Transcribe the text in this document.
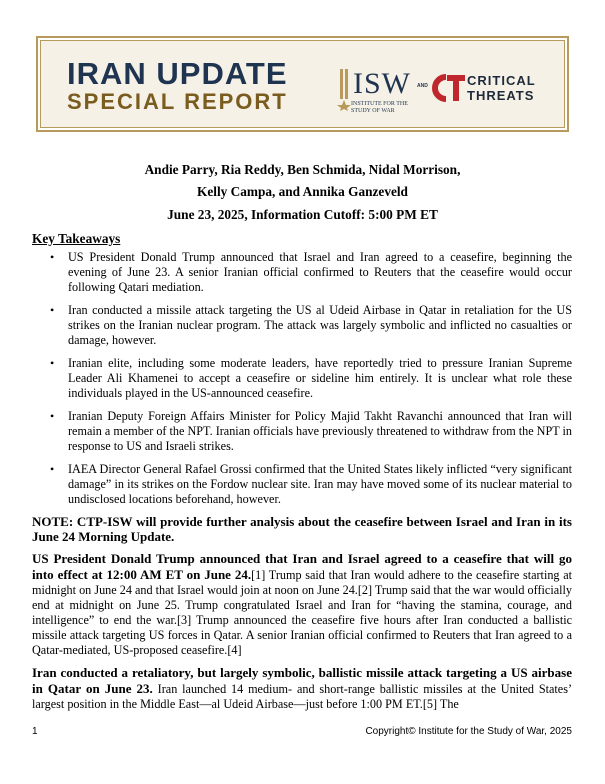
IRAN UPDATE
SPECIAL REPORT
ISW
INSTITUTE FOR THE STUDY OF WAR
AND	CRITICAL
THREATS
Andie Parry, Ria Reddy, Ben Schmida, Nidal Morrison,
Kelly Campa, and Annika Ganzeveld
June 23, 2025, Information Cutoff: 5:00 PM ET
Key Takeaways
• US President Donald Trump announced that Israel and Iran agreed to a ceasefire, beginning the evening of June 23. A senior Iranian official confirmed to Reuters that the ceasefire would occur following Qatari mediation.
• Iran conducted a missile attack targeting the US al Udeid Airbase in Qatar in retaliation for the US strikes on the Iranian nuclear program. The attack was largely symbolic and inflicted no casualties or damage, however.
• Iranian elite, including some moderate leaders, have reportedly tried to pressure Iranian Supreme Leader Ali Khamenei to accept a ceasefire or sideline him entirely. It is unclear what role these individuals played in the US-announced ceasefire.
• Iranian Deputy Foreign Affairs Minister for Policy Majid Takht Ravanchi announced that Iran will remain a member of the NPT. Iranian officials have previously threatened to withdraw from the NPT in response to US and Israeli strikes.
• IAEA Director General Rafael Grossi confirmed that the United States likely inflicted “very significant damage” in its strikes on the Fordow nuclear site. Iran may have moved some of its nuclear material to undisclosed locations beforehand, however.
NOTE: CTP-ISW will provide further analysis about the ceasefire between Israel and Iran in its June 24 Morning Update.
US President Donald Trump announced that Iran and Israel agreed to a ceasefire that will go into effect at 12:00 AM ET on June 24.[1] Trump said that Iran would adhere to the ceasefire starting at midnight on June 24 and that Israel would join at noon on June 24.[2] Trump said that the war would officially end at midnight on June 25. Trump congratulated Israel and Iran for “having the stamina, courage, and intelligence” to end the war.[3] Trump announced the ceasefire five hours after Iran conducted a ballistic missile attack targeting US forces in Qatar. A senior Iranian official confirmed to Reuters that Iran agreed to a Qatar-mediated, US-proposed ceasefire.[4]
Iran conducted a retaliatory, but largely symbolic, ballistic missile attack targeting a US airbase in Qatar on June 23. Iran launched 14 medium- and short-range ballistic missiles at the United States’ largest position in the Middle East—al Udeid Airbase—just before 1:00 PM ET.[5] The
1	Copyright© Institute for the Study of War, 2025
